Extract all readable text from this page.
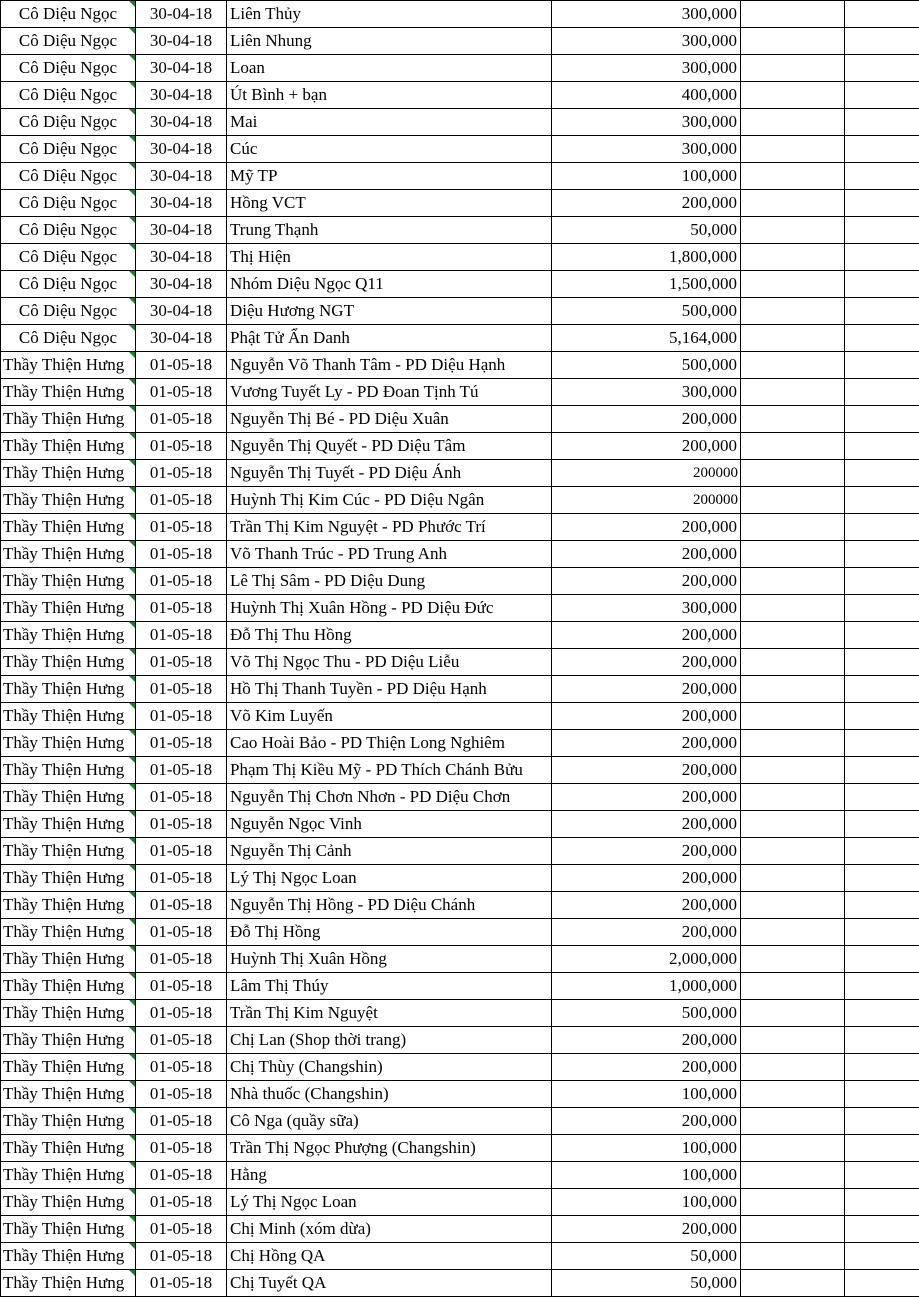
Cô Diệu Ngọc	30-04-18	Liên Thủy	300,000		
Cô Diệu Ngọc	30-04-18	Liên Nhung	300,000		
Cô Diệu Ngọc	30-04-18	Loan	300,000		
Cô Diệu Ngọc	30-04-18	Út Bình + bạn	400,000		
Cô Diệu Ngọc	30-04-18	Mai	300,000		
Cô Diệu Ngọc	30-04-18	Cúc	300,000		
Cô Diệu Ngọc	30-04-18	Mỹ TP	100,000		
Cô Diệu Ngọc	30-04-18	Hồng VCT	200,000		
Cô Diệu Ngọc	30-04-18	Trung Thạnh	50,000		
Cô Diệu Ngọc	30-04-18	Thị Hiện	1,800,000		
Cô Diệu Ngọc	30-04-18	Nhóm Diệu Ngọc Q11	1,500,000		
Cô Diệu Ngọc	30-04-18	Diệu Hương NGT	500,000		
Cô Diệu Ngọc	30-04-18	Phật Tử Ẩn Danh	5,164,000		
Thầy Thiện Hưng	01-05-18	Nguyễn Võ Thanh Tâm - PD Diệu Hạnh	500,000		
Thầy Thiện Hưng	01-05-18	Vương Tuyết Ly - PD Đoan Tịnh Tú	300,000		
Thầy Thiện Hưng	01-05-18	Nguyễn Thị Bé - PD Diệu Xuân	200,000		
Thầy Thiện Hưng	01-05-18	Nguyễn Thị Quyết - PD Diệu Tâm	200,000		
Thầy Thiện Hưng	01-05-18	Nguyễn Thị Tuyết - PD Diệu Ánh	200000		
Thầy Thiện Hưng	01-05-18	Huỳnh Thị Kim Cúc - PD Diệu Ngân	200000		
Thầy Thiện Hưng	01-05-18	Trần Thị Kim Nguyệt - PD Phước Trí	200,000		
Thầy Thiện Hưng	01-05-18	Võ Thanh Trúc - PD Trung Anh	200,000		
Thầy Thiện Hưng	01-05-18	Lê Thị Sâm - PD Diệu Dung	200,000		
Thầy Thiện Hưng	01-05-18	Huỳnh Thị Xuân Hồng - PD Diệu Đức	300,000		
Thầy Thiện Hưng	01-05-18	Đỗ Thị Thu Hồng	200,000		
Thầy Thiện Hưng	01-05-18	Võ Thị Ngọc Thu - PD Diệu Liễu	200,000		
Thầy Thiện Hưng	01-05-18	Hồ Thị Thanh Tuyền - PD Diệu Hạnh	200,000		
Thầy Thiện Hưng	01-05-18	Võ Kim Luyến	200,000		
Thầy Thiện Hưng	01-05-18	Cao Hoài Bảo - PD Thiện Long Nghiêm	200,000		
Thầy Thiện Hưng	01-05-18	Phạm Thị Kiều Mỹ - PD Thích Chánh Bửu	200,000		
Thầy Thiện Hưng	01-05-18	Nguyễn Thị Chơn Nhơn - PD Diệu Chơn	200,000		
Thầy Thiện Hưng	01-05-18	Nguyễn Ngọc Vinh	200,000		
Thầy Thiện Hưng	01-05-18	Nguyễn Thị Cảnh	200,000		
Thầy Thiện Hưng	01-05-18	Lý Thị Ngọc Loan	200,000		
Thầy Thiện Hưng	01-05-18	Nguyễn Thị Hồng - PD Diệu Chánh	200,000		
Thầy Thiện Hưng	01-05-18	Đỗ Thị Hồng	200,000		
Thầy Thiện Hưng	01-05-18	Huỳnh Thị Xuân Hồng	2,000,000		
Thầy Thiện Hưng	01-05-18	Lâm Thị Thúy	1,000,000		
Thầy Thiện Hưng	01-05-18	Trần Thị Kim Nguyệt	500,000		
Thầy Thiện Hưng	01-05-18	Chị Lan (Shop thời trang)	200,000		
Thầy Thiện Hưng	01-05-18	Chị Thùy (Changshin)	200,000		
Thầy Thiện Hưng	01-05-18	Nhà thuốc (Changshin)	100,000		
Thầy Thiện Hưng	01-05-18	Cô Nga (quầy sữa)	200,000		
Thầy Thiện Hưng	01-05-18	Trần Thị Ngọc Phượng (Changshin)	100,000		
Thầy Thiện Hưng	01-05-18	Hằng	100,000		
Thầy Thiện Hưng	01-05-18	Lý Thị Ngọc Loan	100,000		
Thầy Thiện Hưng	01-05-18	Chị Minh (xóm dừa)	200,000		
Thầy Thiện Hưng	01-05-18	Chị Hồng QA	50,000		
Thầy Thiện Hưng	01-05-18	Chị Tuyết QA	50,000		
